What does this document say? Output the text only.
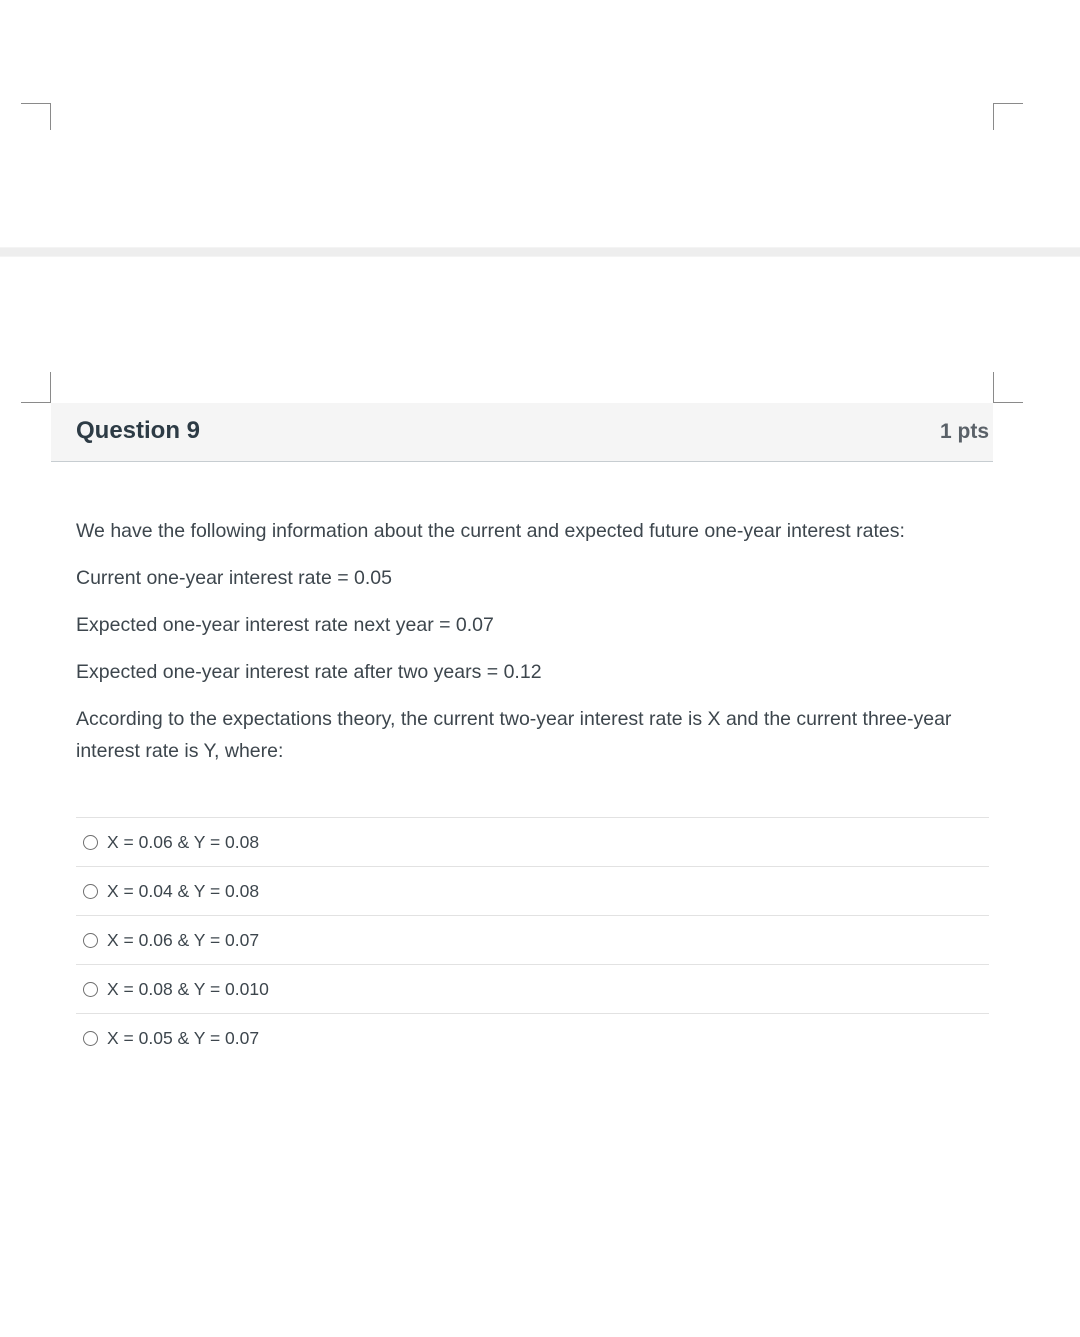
Question 9	1 pts

We have the following information about the current and expected future one-year interest rates:

Current one-year interest rate = 0.05

Expected one-year interest rate next year = 0.07

Expected one-year interest rate after two years = 0.12

According to the expectations theory, the current two-year interest rate is X and the current three-year interest rate is Y, where:

X = 0.06 & Y = 0.08
X = 0.04 & Y = 0.08
X = 0.06 & Y = 0.07
X = 0.08 & Y = 0.010
X = 0.05 & Y = 0.07
